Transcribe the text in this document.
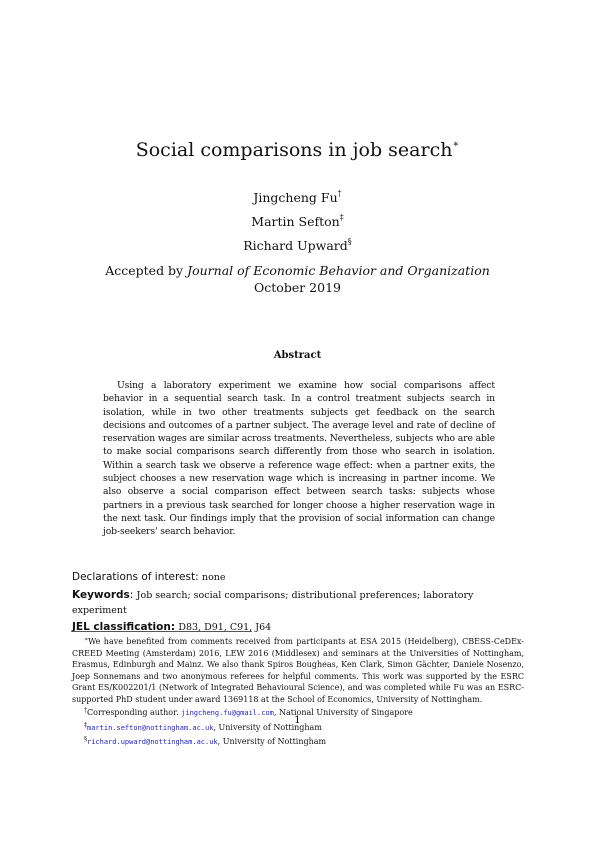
Social comparisons in job search∗
Jingcheng Fu†
Martin Sefton‡
Richard Upward§
Accepted by Journal of Economic Behavior and Organization
October 2019
Abstract
Using a laboratory experiment we examine how social comparisons affect behavior in a sequential search task. In a control treatment subjects search in isolation, while in two other treatments subjects get feedback on the search decisions and outcomes of a partner subject. The average level and rate of decline of reservation wages are similar across treatments. Nevertheless, subjects who are able to make social comparisons search differently from those who search in isolation. Within a search task we observe a reference wage effect: when a partner exits, the subject chooses a new reservation wage which is increasing in partner income. We also observe a social comparison effect between search tasks: subjects whose partners in a previous task searched for longer choose a higher reservation wage in the next task. Our findings imply that the provision of social information can change job-seekers' search behavior.
Declarations of interest: none
Keywords: Job search; social comparisons; distributional preferences; laboratory experiment
JEL classification: D83, D91, C91, J64

∗We have benefited from comments received from participants at ESA 2015 (Heidelberg), CBESS-CeDEx-CREED Meeting (Amsterdam) 2016, LEW 2016 (Middlesex) and seminars at the Universities of Nottingham, Erasmus, Edinburgh and Mainz. We also thank Spiros Bougheas, Ken Clark, Simon Gächter, Daniele Nosenzo, Joep Sonnemans and two anonymous referees for helpful comments. This work was supported by the ESRC Grant ES/K002201/1 (Network of Integrated Behavioural Science), and was completed while Fu was an ESRC-supported PhD student under award 1369118 at the School of Economics, University of Nottingham.

†Corresponding author. jingcheng.fu@gmail.com, National University of Singapore

‡martin.sefton@nottingham.ac.uk, University of Nottingham

§richard.upward@nottingham.ac.uk, University of Nottingham

1
